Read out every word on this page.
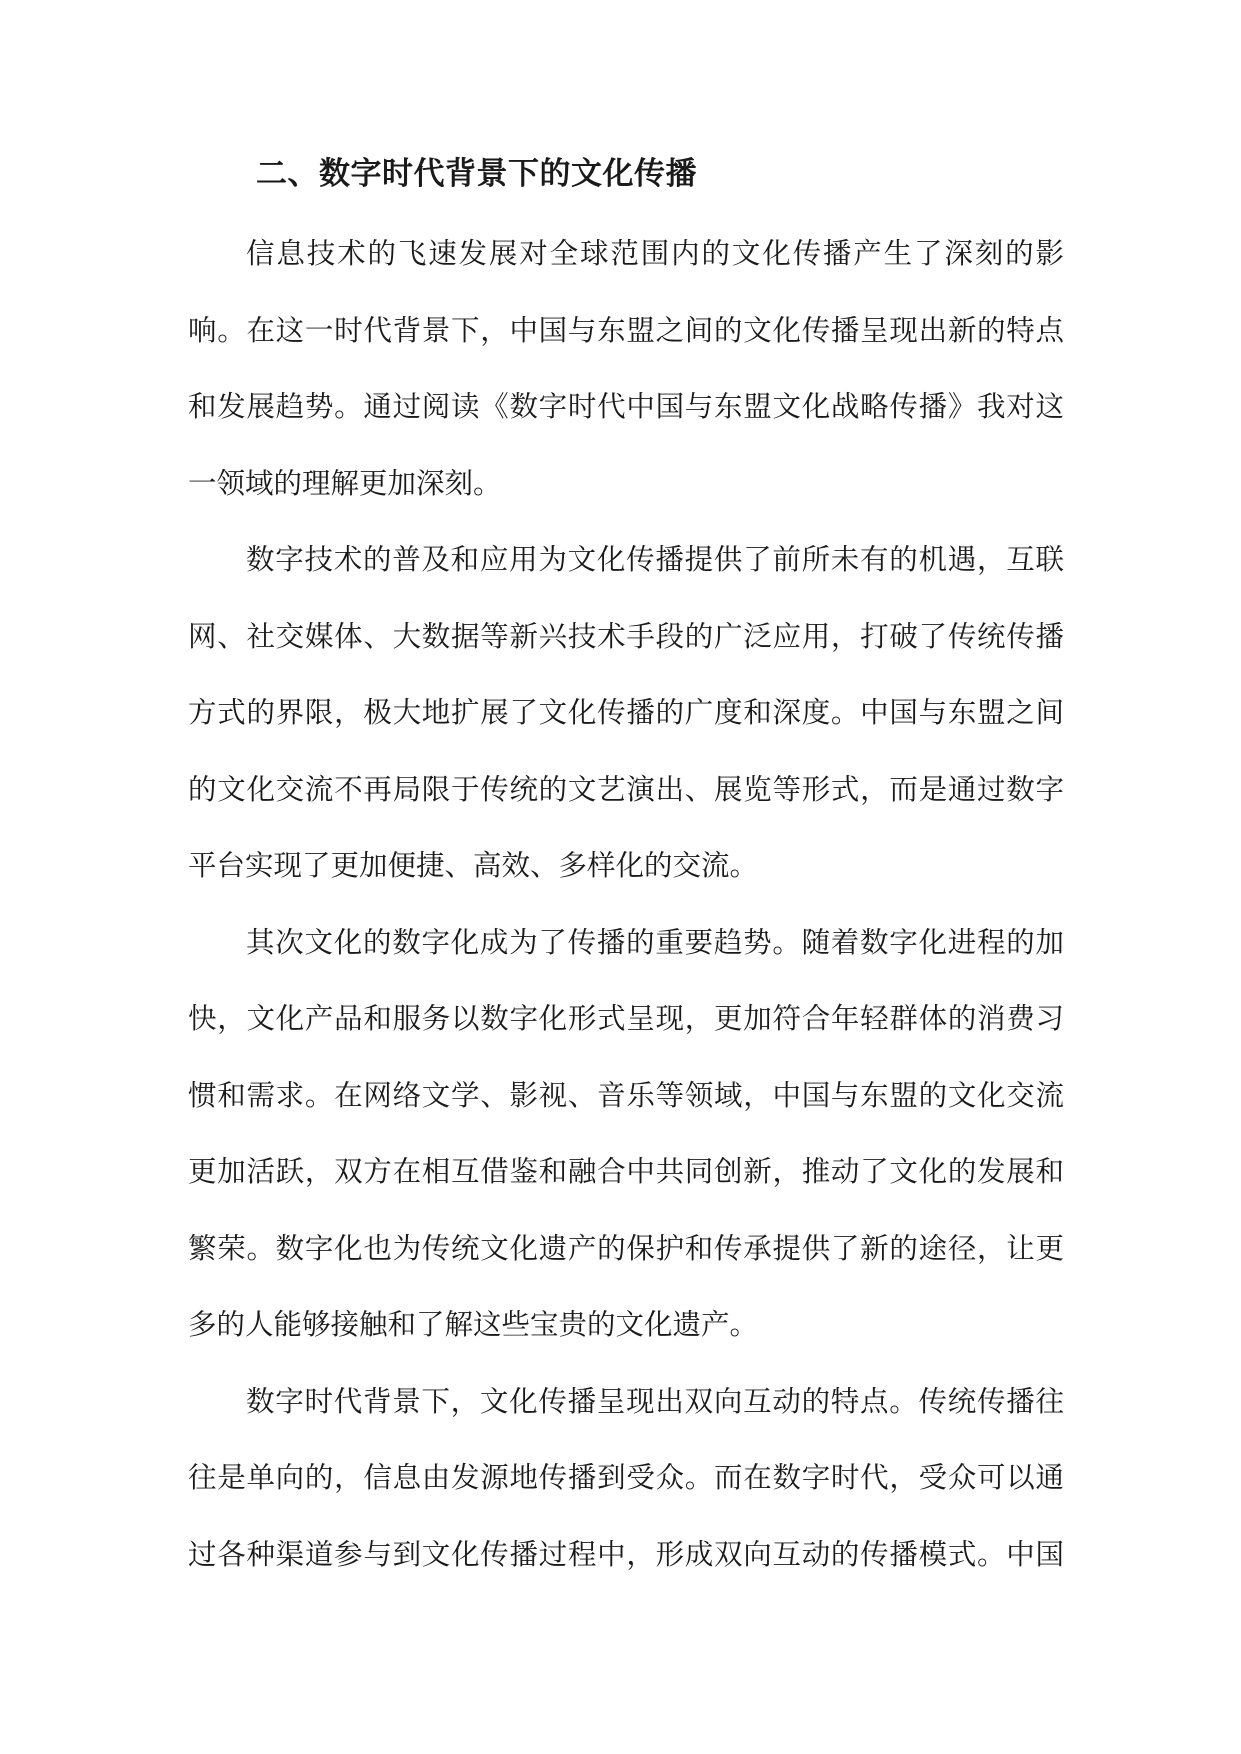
二、数字时代背景下的文化传播
信息技术的飞速发展对全球范围内的文化传播产生了深刻的影
响。在这一时代背景下，中国与东盟之间的文化传播呈现出新的特点
和发展趋势。通过阅读《数字时代中国与东盟文化战略传播》我对这
一领域的理解更加深刻。
数字技术的普及和应用为文化传播提供了前所未有的机遇，互联
网、社交媒体、大数据等新兴技术手段的广泛应用，打破了传统传播
方式的界限，极大地扩展了文化传播的广度和深度。中国与东盟之间
的文化交流不再局限于传统的文艺演出、展览等形式，而是通过数字
平台实现了更加便捷、高效、多样化的交流。
其次文化的数字化成为了传播的重要趋势。随着数字化进程的加
快，文化产品和服务以数字化形式呈现，更加符合年轻群体的消费习
惯和需求。在网络文学、影视、音乐等领域，中国与东盟的文化交流
更加活跃，双方在相互借鉴和融合中共同创新，推动了文化的发展和
繁荣。数字化也为传统文化遗产的保护和传承提供了新的途径，让更
多的人能够接触和了解这些宝贵的文化遗产。
数字时代背景下，文化传播呈现出双向互动的特点。传统传播往
往是单向的，信息由发源地传播到受众。而在数字时代，受众可以通
过各种渠道参与到文化传播过程中，形成双向互动的传播模式。中国
